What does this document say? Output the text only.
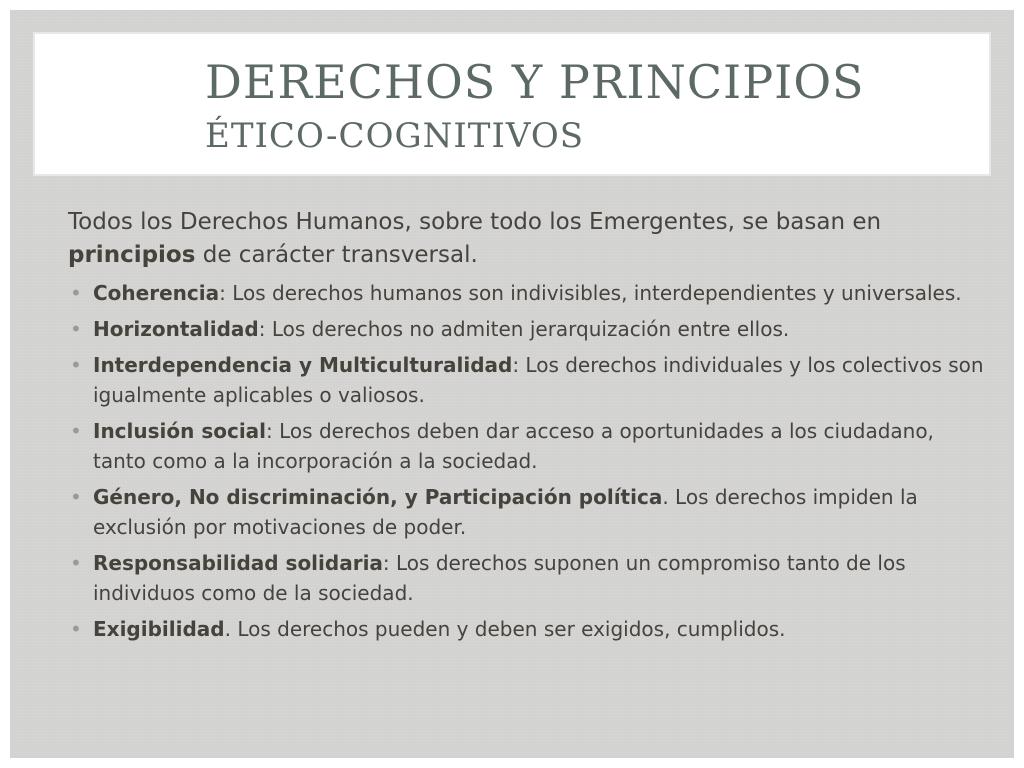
DERECHOS Y PRINCIPIOS
ÉTICO-COGNITIVOS

Todos los Derechos Humanos, sobre todo los Emergentes, se basan en principios de carácter transversal.

• Coherencia: Los derechos humanos son indivisibles, interdependientes y universales.
• Horizontalidad: Los derechos no admiten jerarquización entre ellos.
• Interdependencia y Multiculturalidad: Los derechos individuales y los colectivos son igualmente aplicables o valiosos.
• Inclusión social: Los derechos deben dar acceso a oportunidades a los ciudadano, tanto como a la incorporación a la sociedad.
• Género, No discriminación, y Participación política. Los derechos impiden la exclusión por motivaciones de poder.
• Responsabilidad solidaria: Los derechos suponen un compromiso tanto de los individuos como de la sociedad.
• Exigibilidad. Los derechos pueden y deben ser exigidos, cumplidos.
